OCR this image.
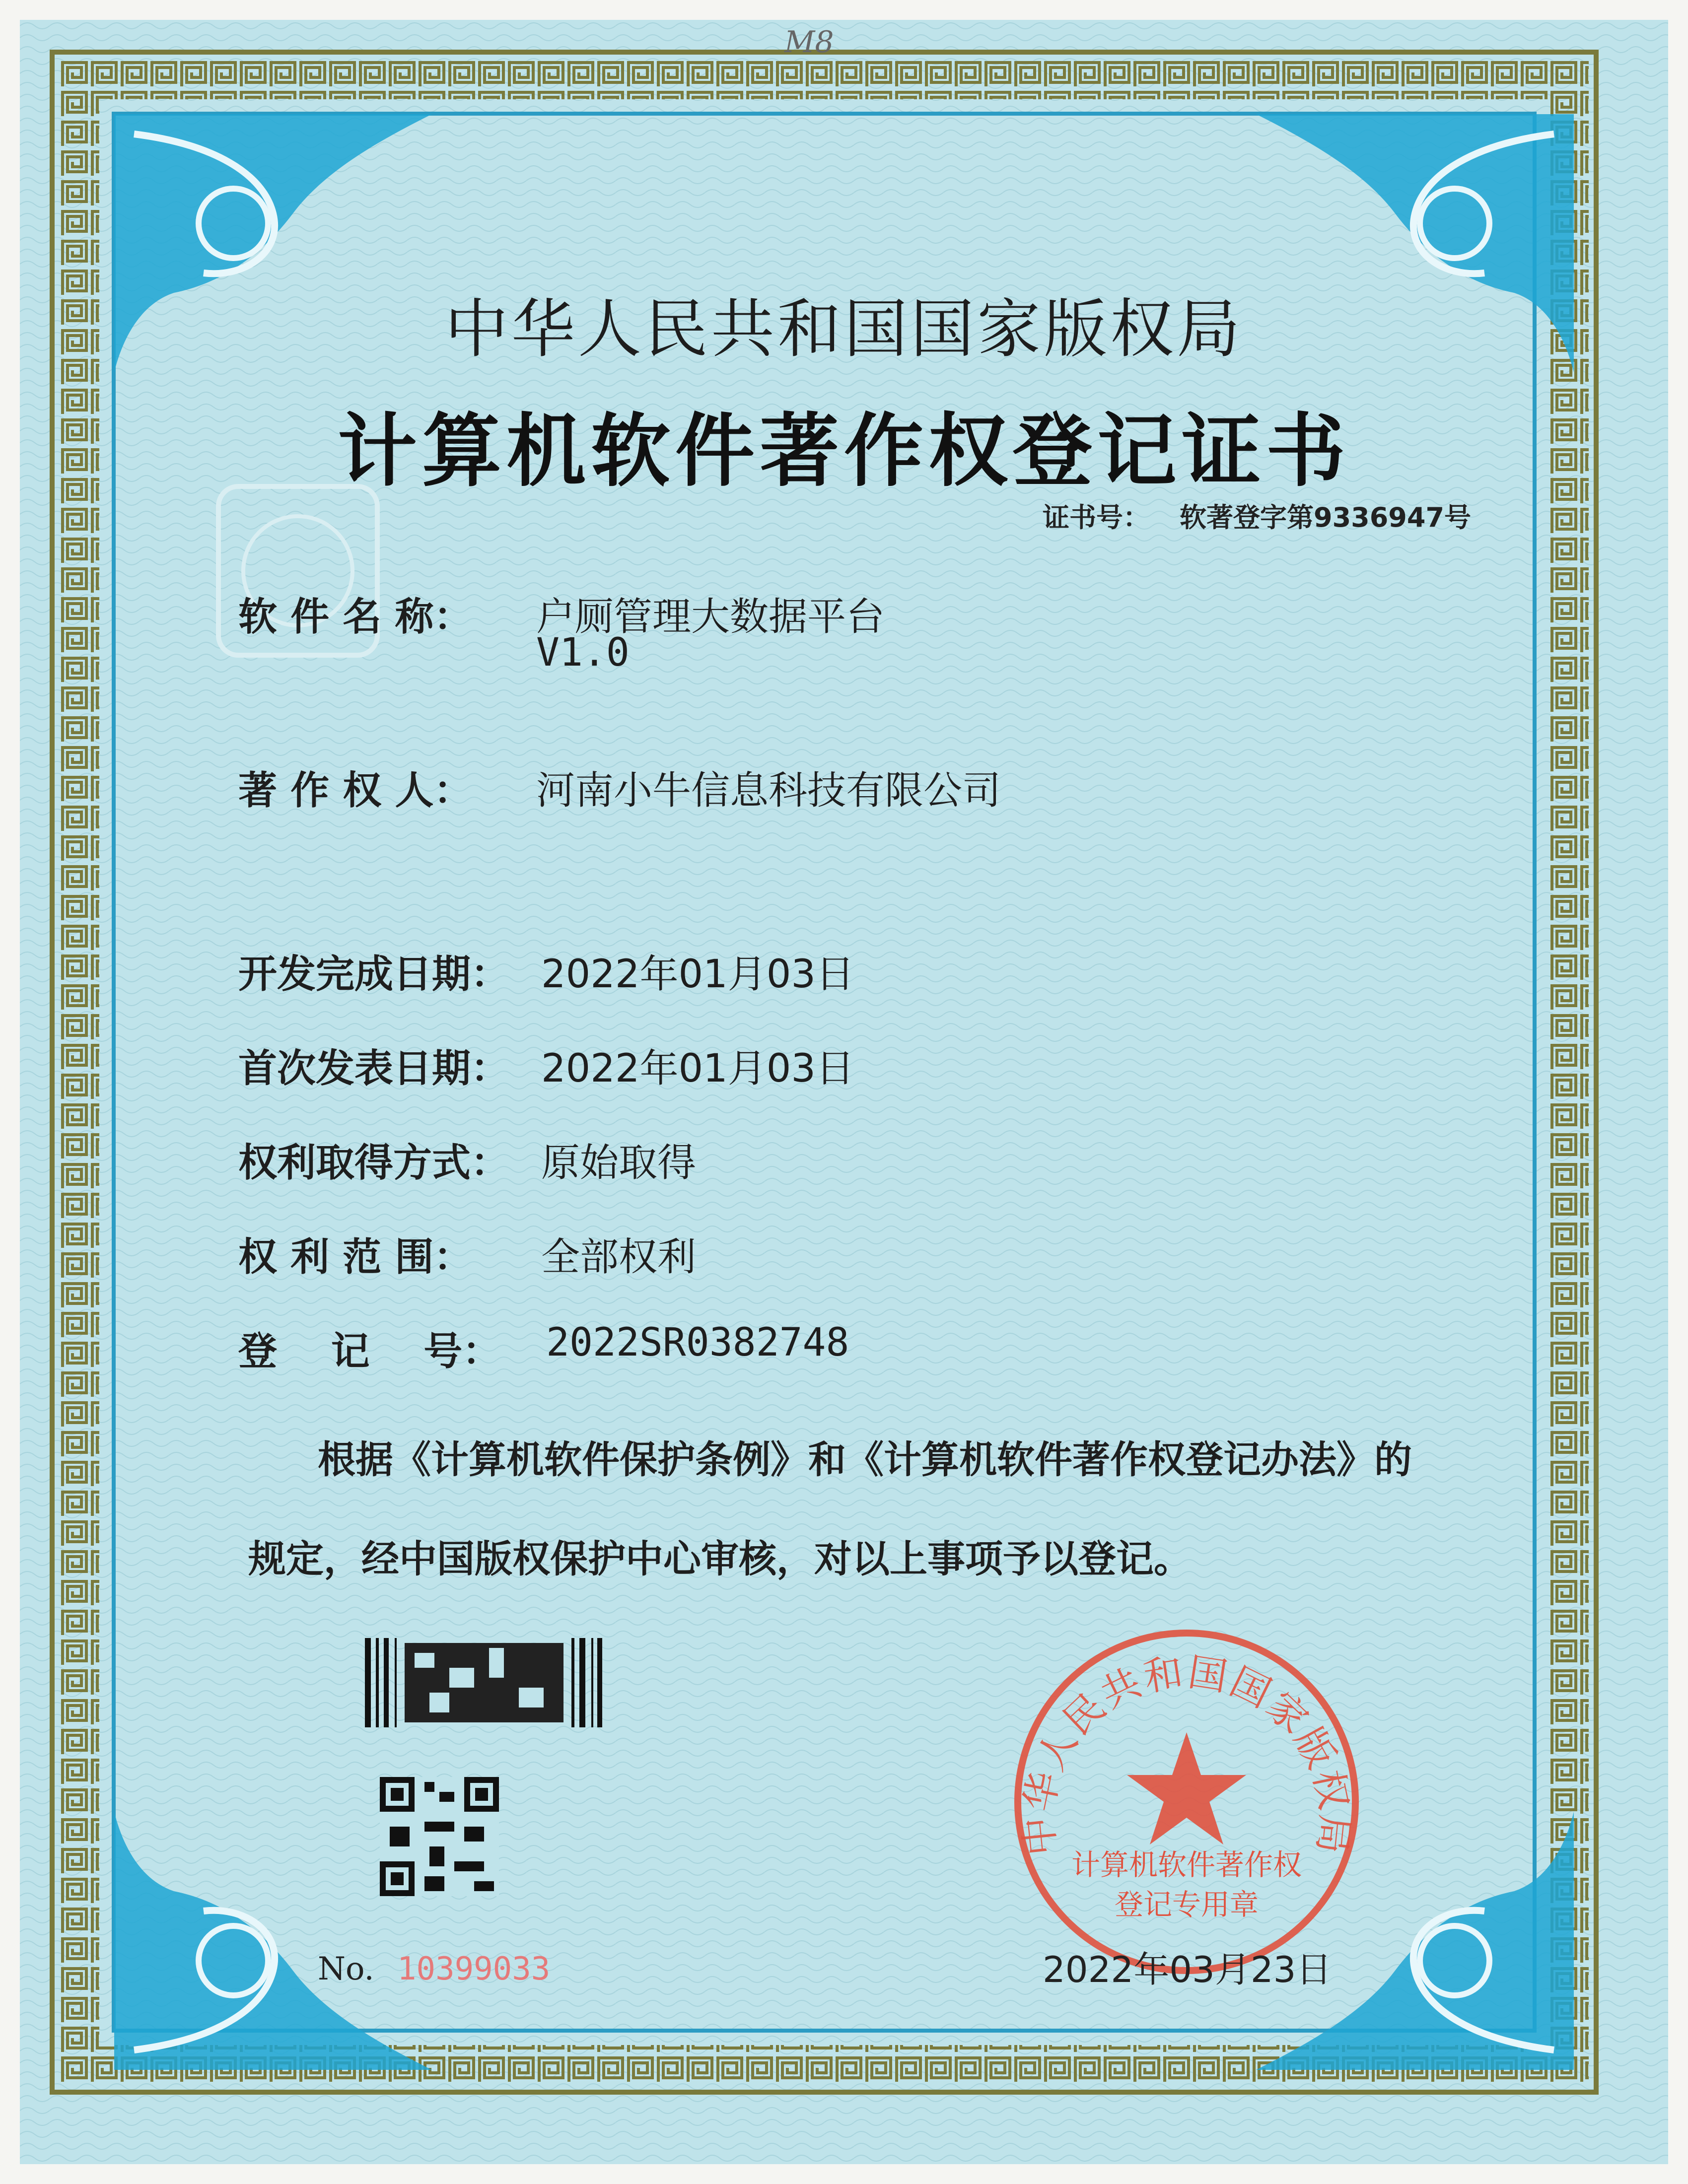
M8
中华人民共和国国家版权局
计算机软件著作权登记证书
证书号： 软著登字第9336947号
软 件 名 称： 户厕管理大数据平台
V1.0
著 作 权 人： 河南小牛信息科技有限公司
开发完成日期： 2022年01月03日
首次发表日期： 2022年01月03日
权利取得方式： 原始取得
权 利 范 围： 全部权利
登    记    号： 2022SR0382748
根据《计算机软件保护条例》和《计算机软件著作权登记办法》的
规定，经中国版权保护中心审核，对以上事项予以登记。
No. 10399033
中华人民共和国国家版权局
计算机软件著作权
登记专用章
2022年03月23日
